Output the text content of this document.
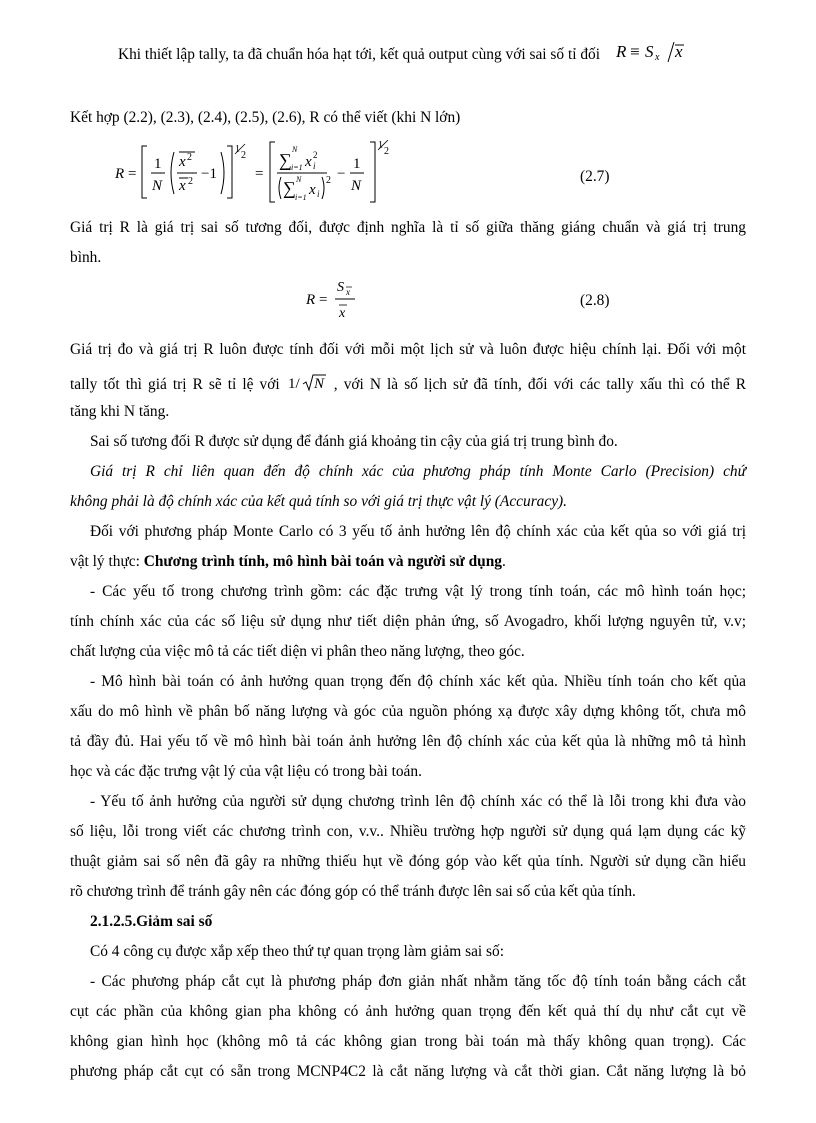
Khi thiết lập tally, ta đã chuẩn hóa hạt tới, kết quả output cùng với sai số tỉ đối R ≡ S x x
Kết hợp (2.2), (2.3), (2.4), (2.5), (2.6), R có thể viết (khi N lớn)
R =
1
N
x 2
x 2 −1
1
2
=
∑
N
i=1 x 2
i
∑ N
i=1 x i
2 −
1
N
1
2
(2.7)
Giá trị R là giá trị sai số tương đối, được định nghĩa là tỉ số giữa thăng giáng chuẩn và giá trị trung
bình.
R =
S x
x
(2.8)
Giá trị đo và giá trị R luôn được tính đối với mỗi một lịch sử và luôn được hiệu chính lại. Đối với một
tally tốt thì giá trị R sẽ tỉ lệ với 1/ N , với N là số lịch sử đã tính, đối với các tally xấu thì có thể R
tăng khi N tăng.
Sai số tương đối R được sử dụng để đánh giá khoảng tin cậy của giá trị trung bình đo.
Giá trị R chỉ liên quan đến độ chính xác của phương pháp tính Monte Carlo (Precision) chứ
không phải là độ chính xác của kết quả tính so với giá trị thực vật lý (Accuracy).
Đối với phương pháp Monte Carlo có 3 yếu tố ảnh hưởng lên độ chính xác của kết qủa so với giá trị
vật lý thực: Chương trình tính, mô hình bài toán và người sử dụng.
- Các yếu tố trong chương trình gồm: các đặc trưng vật lý trong tính toán, các mô hình toán học;
tính chính xác của các số liệu sử dụng như tiết diện phản ứng, số Avogadro, khối lượng nguyên tử, v.v;
chất lượng của việc mô tả các tiết diện vi phân theo năng lượng, theo góc.
- Mô hình bài toán có ảnh hưởng quan trọng đến độ chính xác kết qủa. Nhiều tính toán cho kết qủa
xấu do mô hình về phân bố năng lượng và góc của nguồn phóng xạ được xây dựng không tốt, chưa mô
tả đầy đủ. Hai yếu tố về mô hình bài toán ảnh hưởng lên độ chính xác của kết qủa là những mô tả hình
học và các đặc trưng vật lý của vật liệu có trong bài toán.
- Yếu tố ảnh hưởng của người sử dụng chương trình lên độ chính xác có thể là lỗi trong khi đưa vào
số liệu, lỗi trong viết các chương trình con, v.v.. Nhiều trường hợp người sử dụng quá lạm dụng các kỹ
thuật giảm sai số nên đã gây ra những thiếu hụt về đóng góp vào kết qủa tính. Người sử dụng cần hiểu
rõ chương trình để tránh gây nên các đóng góp có thể tránh được lên sai số của kết qủa tính.
2.1.2.5.Giảm sai số
Có 4 công cụ được xắp xếp theo thứ tự quan trọng làm giảm sai số:
- Các phương pháp cắt cụt là phương pháp đơn giản nhất nhằm tăng tốc độ tính toán bằng cách cắt
cụt các phần của không gian pha không có ảnh hưởng quan trọng đến kết quả thí dụ như cắt cụt về
không gian hình học (không mô tả các không gian trong bài toán mà thấy không quan trọng). Các
phương pháp cắt cụt có sẵn trong MCNP4C2 là cắt năng lượng và cắt thời gian. Cắt năng lượng là bỏ
